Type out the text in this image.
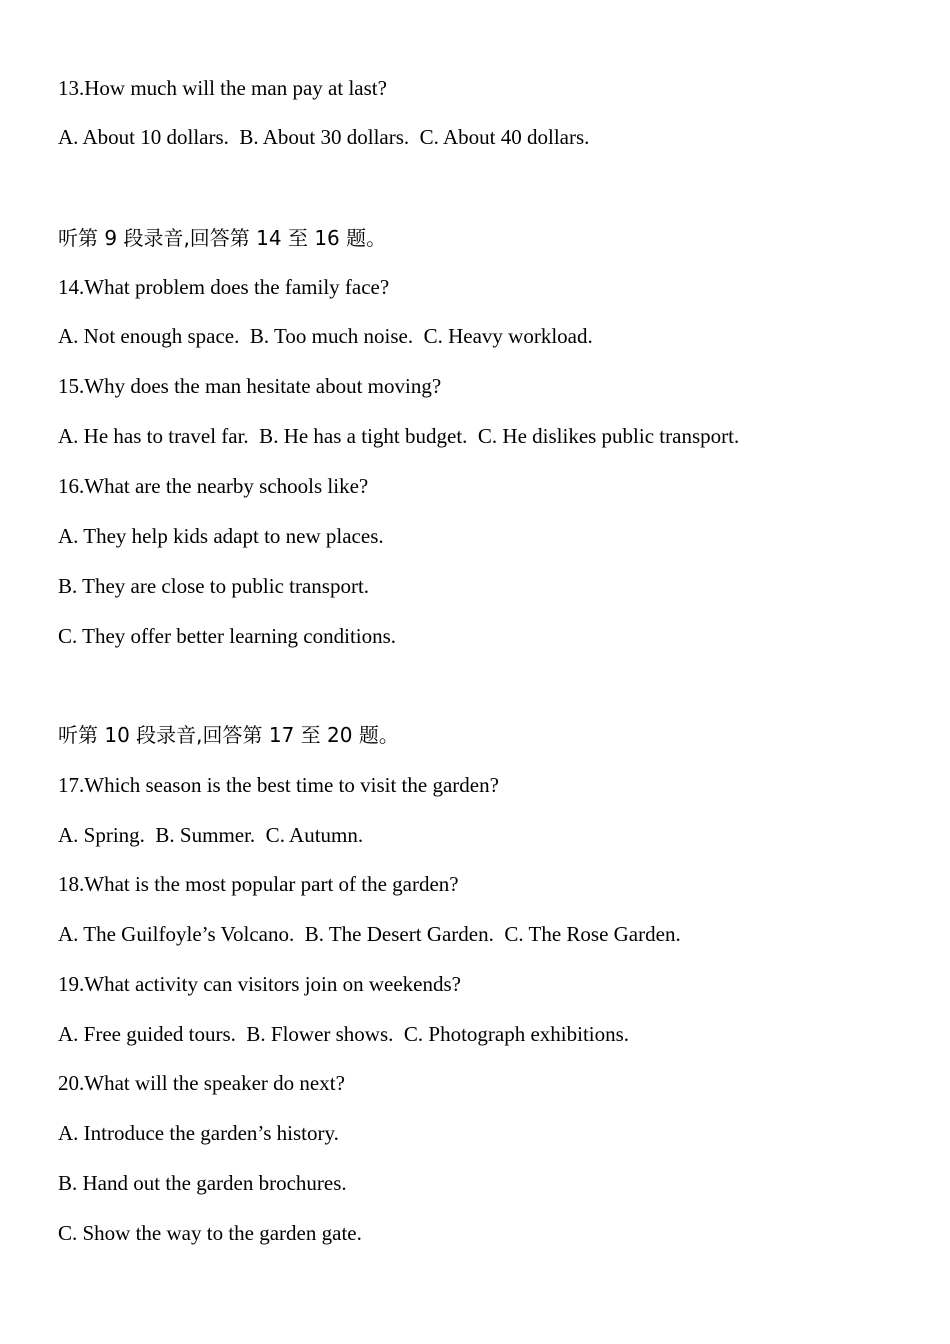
13.How much will the man pay at last?
A. About 10 dollars.  B. About 30 dollars.  C. About 40 dollars.
听第 9 段录音,回答第 14 至 16 题。
14.What problem does the family face?
A. Not enough space.  B. Too much noise.  C. Heavy workload.
15.Why does the man hesitate about moving?
A. He has to travel far.  B. He has a tight budget.  C. He dislikes public transport.
16.What are the nearby schools like?
A. They help kids adapt to new places.
B. They are close to public transport.
C. They offer better learning conditions.
听第 10 段录音,回答第 17 至 20 题。
17.Which season is the best time to visit the garden?
A. Spring.  B. Summer.  C. Autumn.
18.What is the most popular part of the garden?
A. The Guilfoyle’s Volcano.  B. The Desert Garden.  C. The Rose Garden.
19.What activity can visitors join on weekends?
A. Free guided tours.  B. Flower shows.  C. Photograph exhibitions.
20.What will the speaker do next?
A. Introduce the garden’s history.
B. Hand out the garden brochures.
C. Show the way to the garden gate.
